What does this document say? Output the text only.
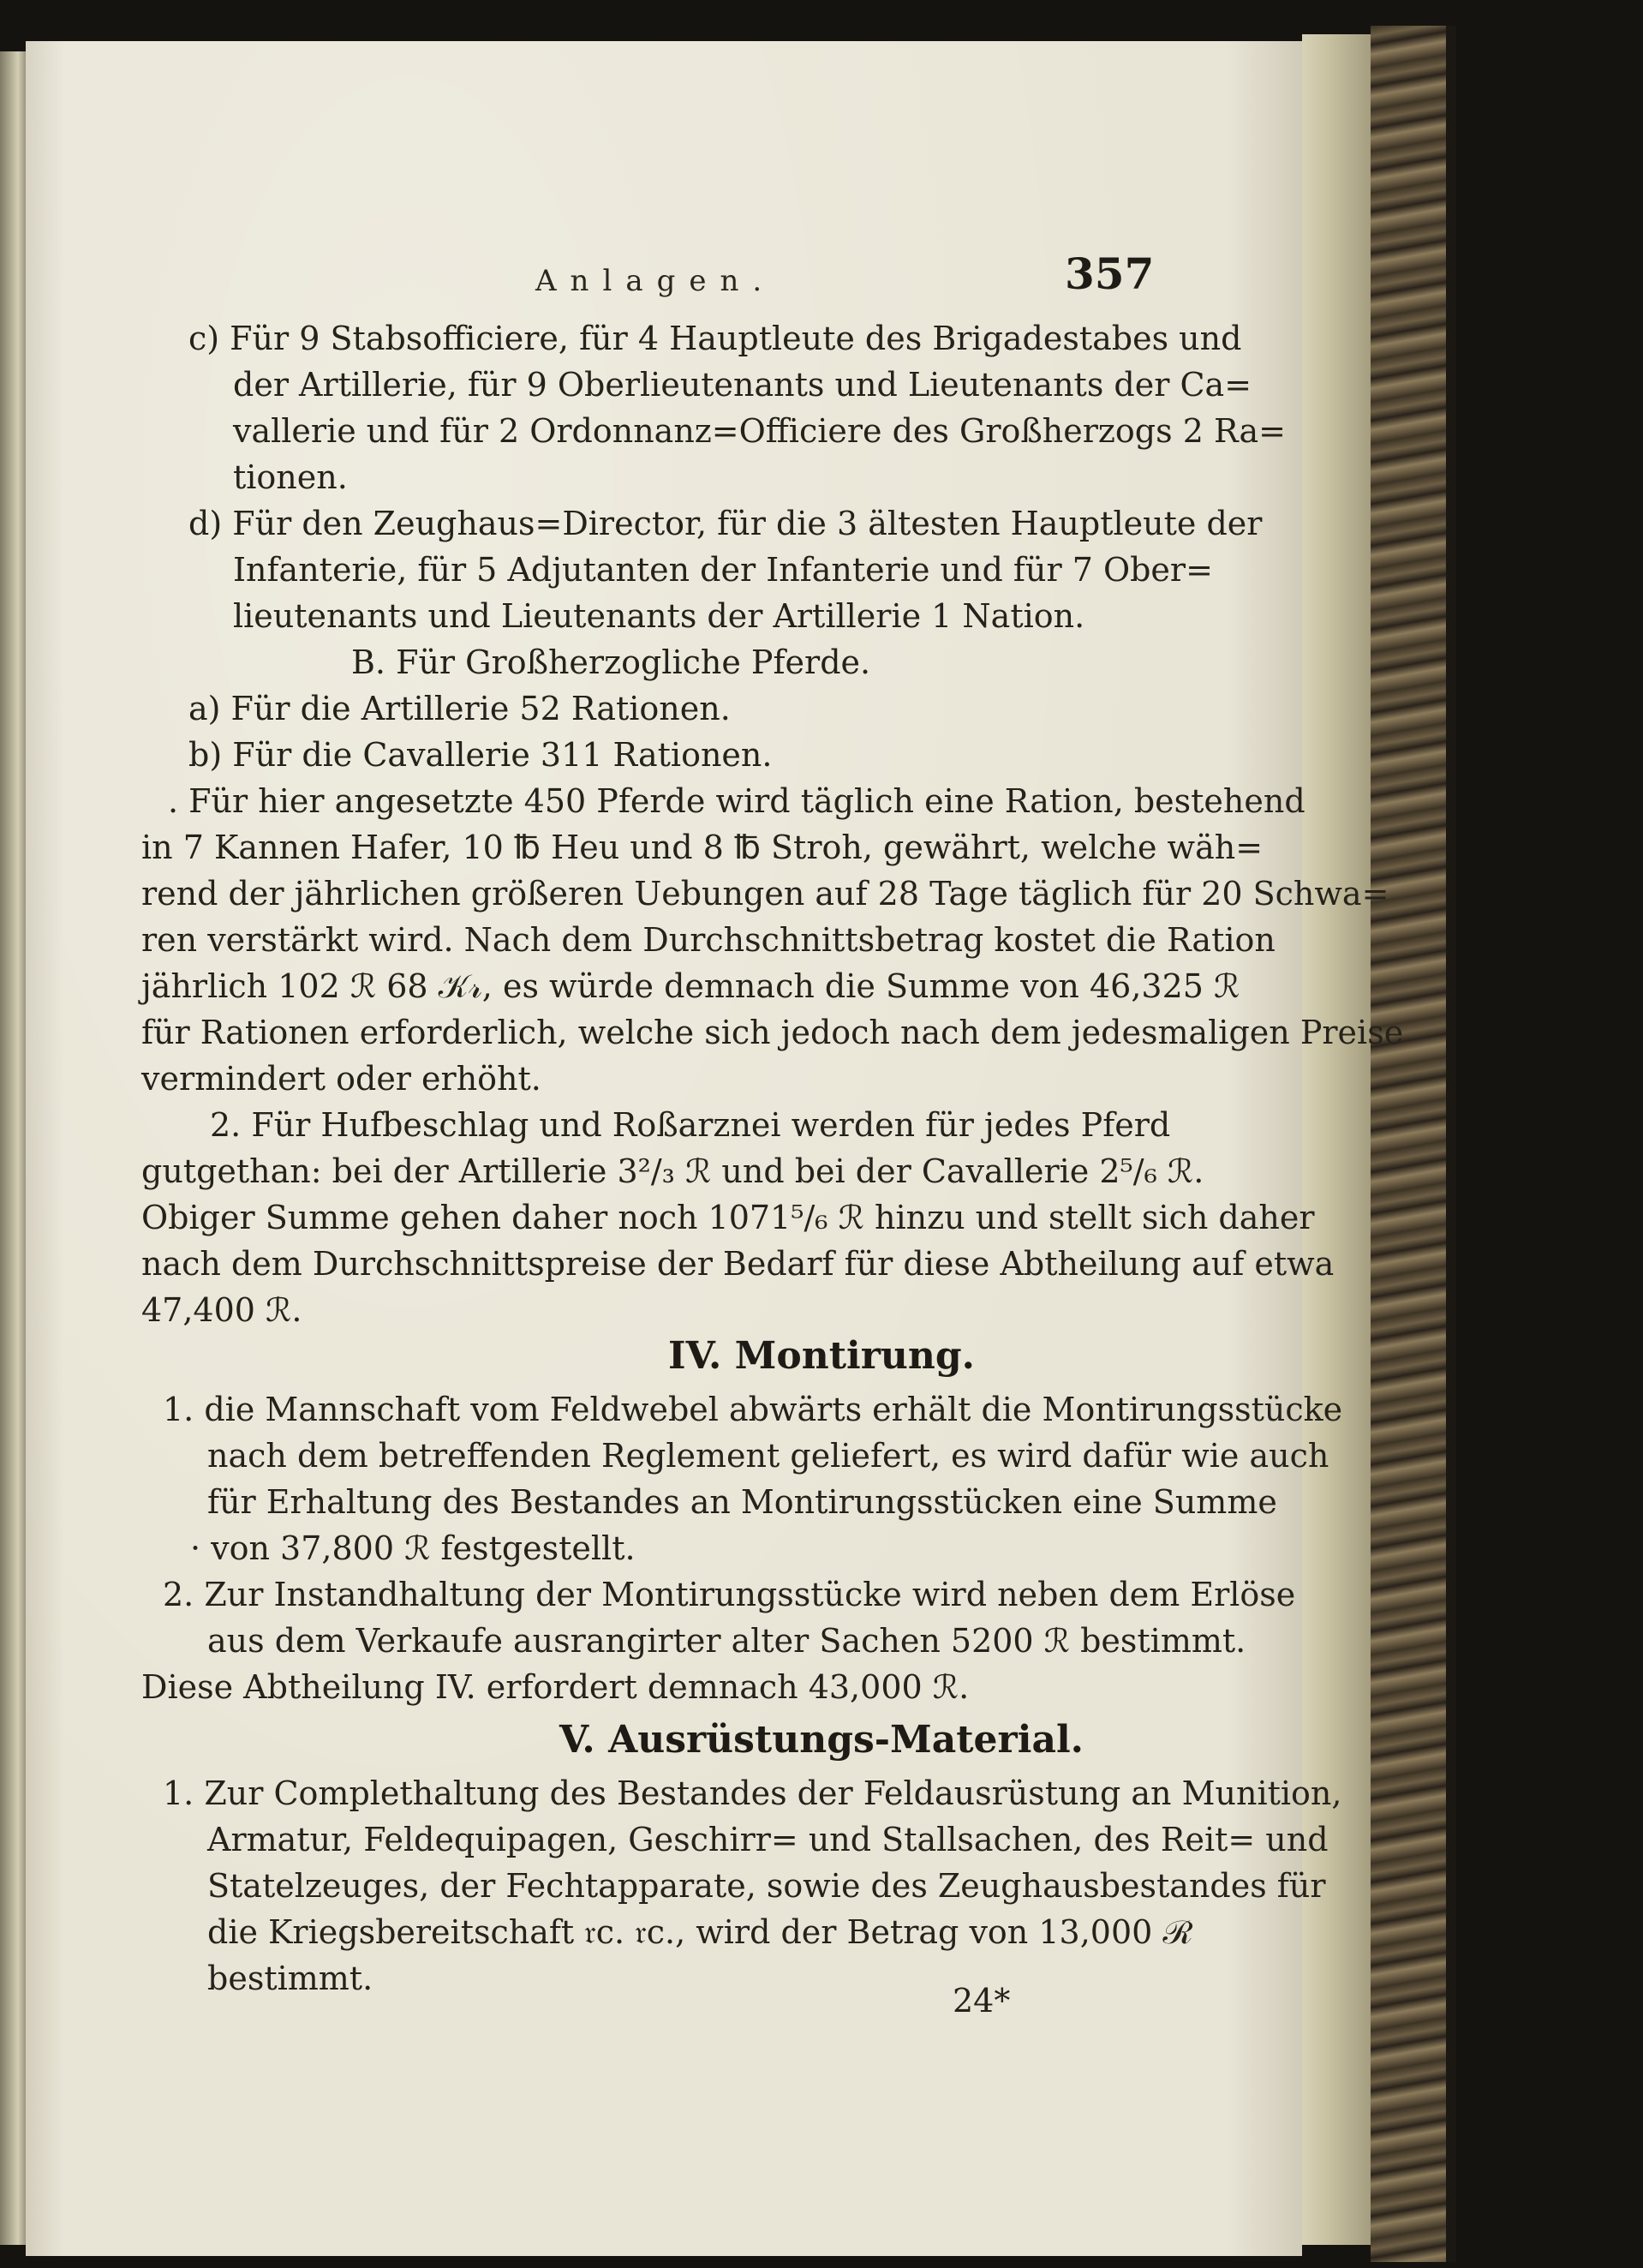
Anlagen.	357
c) Für 9 Stabsofficiere, für 4 Hauptleute des Brigadestabes und
der Artillerie, für 9 Oberlieutenants und Lieutenants der Ca=
vallerie und für 2 Ordonnanz=Officiere des Großherzogs 2 Ra=
tionen.
d) Für den Zeughaus=Director, für die 3 ältesten Hauptleute der
Infanterie, für 5 Adjutanten der Infanterie und für 7 Ober=
lieutenants und Lieutenants der Artillerie 1 Nation.
B. Für Großherzogliche Pferde.
a) Für die Artillerie 52 Rationen.
b) Für die Cavallerie 311 Rationen.
. Für hier angesetzte 450 Pferde wird täglich eine Ration, bestehend
in 7 Kannen Hafer, 10 ℔ Heu und 8 ℔ Stroh, gewährt, welche wäh=
rend der jährlichen größeren Uebungen auf 28 Tage täglich für 20 Schwa=
ren verstärkt wird. Nach dem Durchschnittsbetrag kostet die Ration
jährlich 102 ℛ 68 𝒦𝓇, es würde demnach die Summe von 46,325 ℛ
für Rationen erforderlich, welche sich jedoch nach dem jedesmaligen Preise
vermindert oder erhöht.
2. Für Hufbeschlag und Roßarznei werden für jedes Pferd
gutgethan: bei der Artillerie 3²/₃ ℛ und bei der Cavallerie 2⁵/₆ ℛ.
Obiger Summe gehen daher noch 1071⁵/₆ ℛ hinzu und stellt sich daher
nach dem Durchschnittspreise der Bedarf für diese Abtheilung auf etwa
47,400 ℛ.
IV. Montirung.
1. die Mannschaft vom Feldwebel abwärts erhält die Montirungsstücke
nach dem betreffenden Reglement geliefert, es wird dafür wie auch
für Erhaltung des Bestandes an Montirungsstücken eine Summe
· von 37,800 ℛ festgestellt.
2. Zur Instandhaltung der Montirungsstücke wird neben dem Erlöse
aus dem Verkaufe ausrangirter alter Sachen 5200 ℛ bestimmt.
Diese Abtheilung IV. erfordert demnach 43,000 ℛ.
V. Ausrüstungs-Material.
1. Zur Complethaltung des Bestandes der Feldausrüstung an Munition,
Armatur, Feldequipagen, Geschirr= und Stallsachen, des Reit= und
Statelzeuges, der Fechtapparate, sowie des Zeughausbestandes für
die Kriegsbereitschaft 𝔯c. 𝔯c., wird der Betrag von 13,000 ℛ
bestimmt.
24*
